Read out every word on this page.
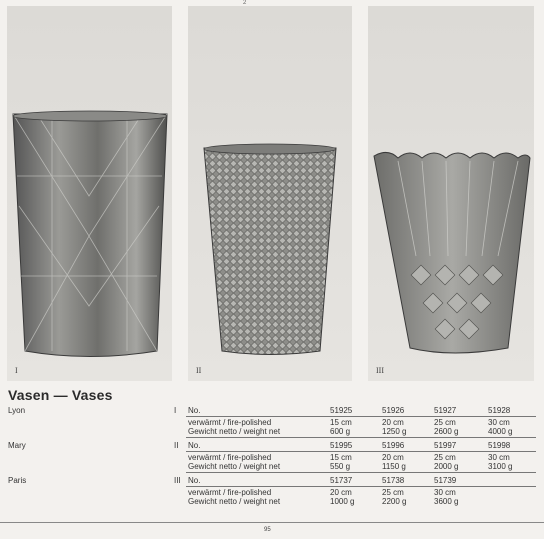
2
I	II	III
Vasen — Vases
Lyon	I No.	51925	51926	51927	51928
verwärmt / fire-polished	15 cm	20 cm	25 cm	30 cm
Gewicht netto / weight net	600 g	1250 g	2600 g	4000 g
Mary	II No.	51995	51996	51997	51998
verwärmt / fire-polished	15 cm	20 cm	25 cm	30 cm
Gewicht netto / weight net	550 g	1150 g	2000 g	3100 g
Paris	III No.	51737	51738	51739
verwärmt / fire-polished	20 cm	25 cm	30 cm
Gewicht netto / weight net	1000 g	2200 g	3600 g
95
